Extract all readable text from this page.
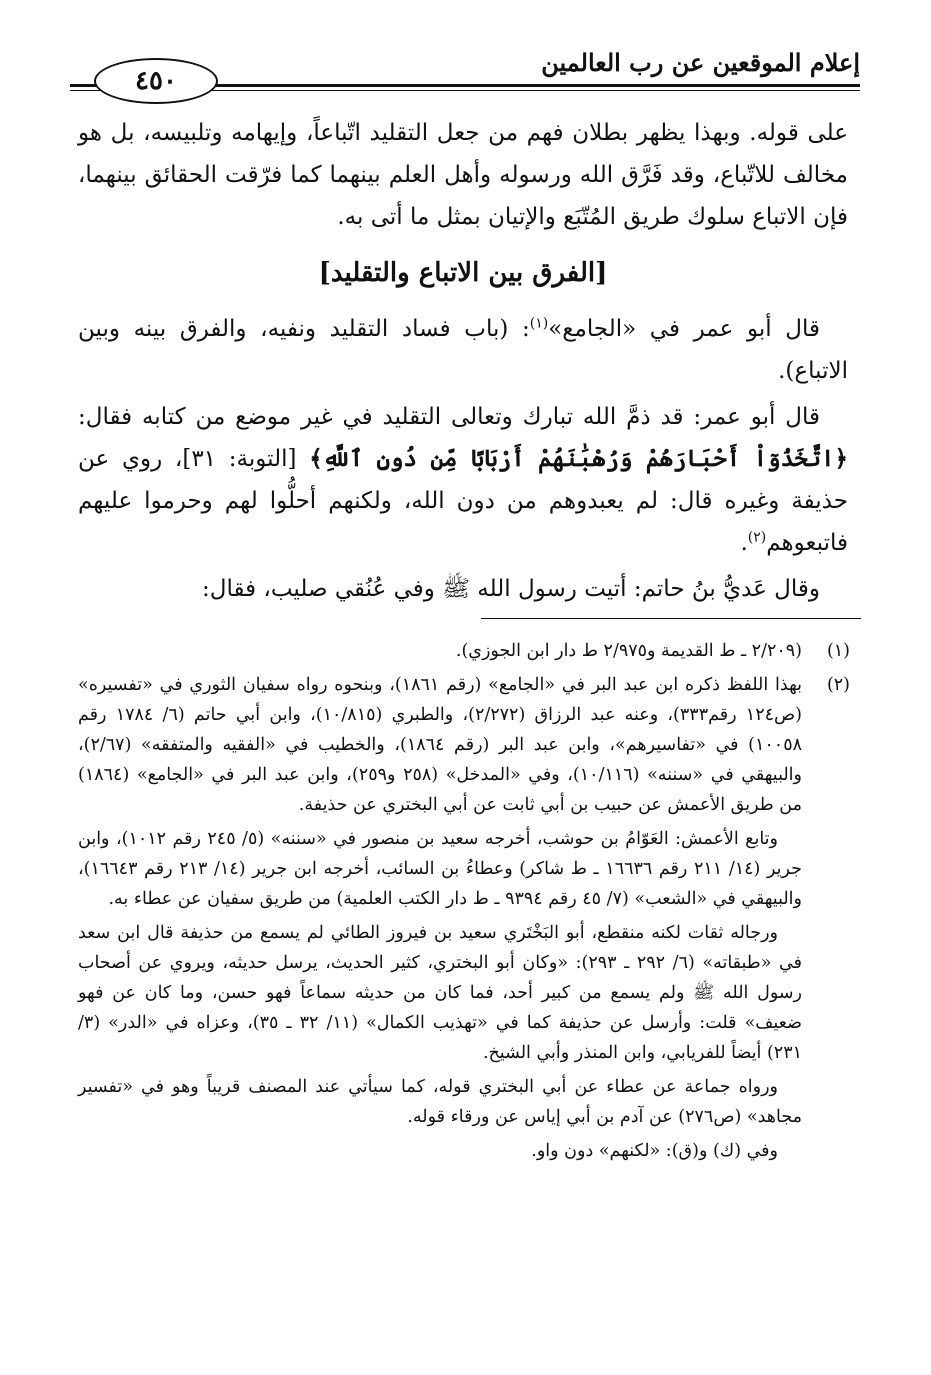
إعلام الموقعين عن رب العالمين
٤٥٠

على قوله. وبهذا يظهر بطلان فهم من جعل التقليد اتّباعاً، وإيهامه وتلبيسه، بل هو مخالف للاتّباع، وقد فَرَّق الله ورسوله وأهل العلم بينهما كما فرّقت الحقائق بينهما، فإن الاتباع سلوك طريق المُتّبَع والإتيان بمثل ما أتى به.

[الفرق بين الاتباع والتقليد]

قال أبو عمر في «الجامع»$^{(١)}$: (باب فساد التقليد ونفيه، والفرق بينه وبين الاتباع).

قال أبو عمر: قد ذمَّ الله تبارك وتعالى التقليد في غير موضع من كتابه فقال: ﴿اتَّخَذُوٓاْ أَحْبَارَهُمْ وَرُهْبَٰنَهُمْ أَرْبَابًا مِّن دُونِ ٱللَّهِ﴾ [التوبة: ٣١]، روي عن حذيفة وغيره قال: لم يعبدوهم من دون الله، ولكنهم أحلُّوا لهم وحرموا عليهم فاتبعوهم$^{(٢)}$.

وقال عَديُّ بنُ حاتم: أتيت رسول الله ﷺ وفي عُنُقي صليب، فقال:

(١)

(٢/٢٠٩ ـ ط القديمة و٢/٩٧٥ ط دار ابن الجوزي).

(٢)

بهذا اللفظ ذكره ابن عبد البر في «الجامع» (رقم ١٨٦١)، وبنحوه رواه سفيان الثوري في «تفسيره» (ص١٢٤ رقم٣٣٣)، وعنه عبد الرزاق (٢/٢٧٢)، والطبري (١٠/٨١٥)، وابن أبي حاتم (٦/ ١٧٨٤ رقم ١٠٠٥٨) في «تفاسيرهم»، وابن عبد البر (رقم ١٨٦٤)، والخطيب في «الفقيه والمتفقه» (٢/٦٧)، والبيهقي في «سننه» (١٠/١١٦)، وفي «المدخل» (٢٥٨ و٢٥٩)، وابن عبد البر في «الجامع» (١٨٦٤) من طريق الأعمش عن حبيب بن أبي ثابت عن أبي البختري عن حذيفة.

وتابع الأعمش: العَوّامُ بن حوشب، أخرجه سعيد بن منصور في «سننه» (٥/ ٢٤٥ رقم ١٠١٢)، وابن جرير (١٤/ ٢١١ رقم ١٦٦٣٦ ـ ط شاكر) وعطاءُ بن السائب، أخرجه ابن جرير (١٤/ ٢١٣ رقم ١٦٦٤٣)، والبيهقي في «الشعب» (٧/ ٤٥ رقم ٩٣٩٤ ـ ط دار الكتب العلمية) من طريق سفيان عن عطاء به.

ورجاله ثقات لكنه منقطع، أبو البَخْتَري سعيد بن فيروز الطائي لم يسمع من حذيفة قال ابن سعد في «طبقاته» (٦/ ٢٩٢ ـ ٢٩٣): «وكان أبو البختري، كثير الحديث، يرسل حديثه، ويروي عن أصحاب رسول الله ﷺ ولم يسمع من كبير أحد، فما كان من حديثه سماعاً فهو حسن، وما كان عن فهو ضعيف» قلت: وأرسل عن حذيفة كما في «تهذيب الكمال» (١١/ ٣٢ ـ ٣٥)، وعزاه في «الدر» (٣/ ٢٣١) أيضاً للفريابي، وابن المنذر وأبي الشيخ.

ورواه جماعة عن عطاء عن أبي البختري قوله، كما سيأتي عند المصنف قريباً وهو في «تفسير مجاهد» (ص٢٧٦) عن آدم بن أبي إياس عن ورقاء قوله.

وفي (ك) و(ق): «لكنهم» دون واو.
